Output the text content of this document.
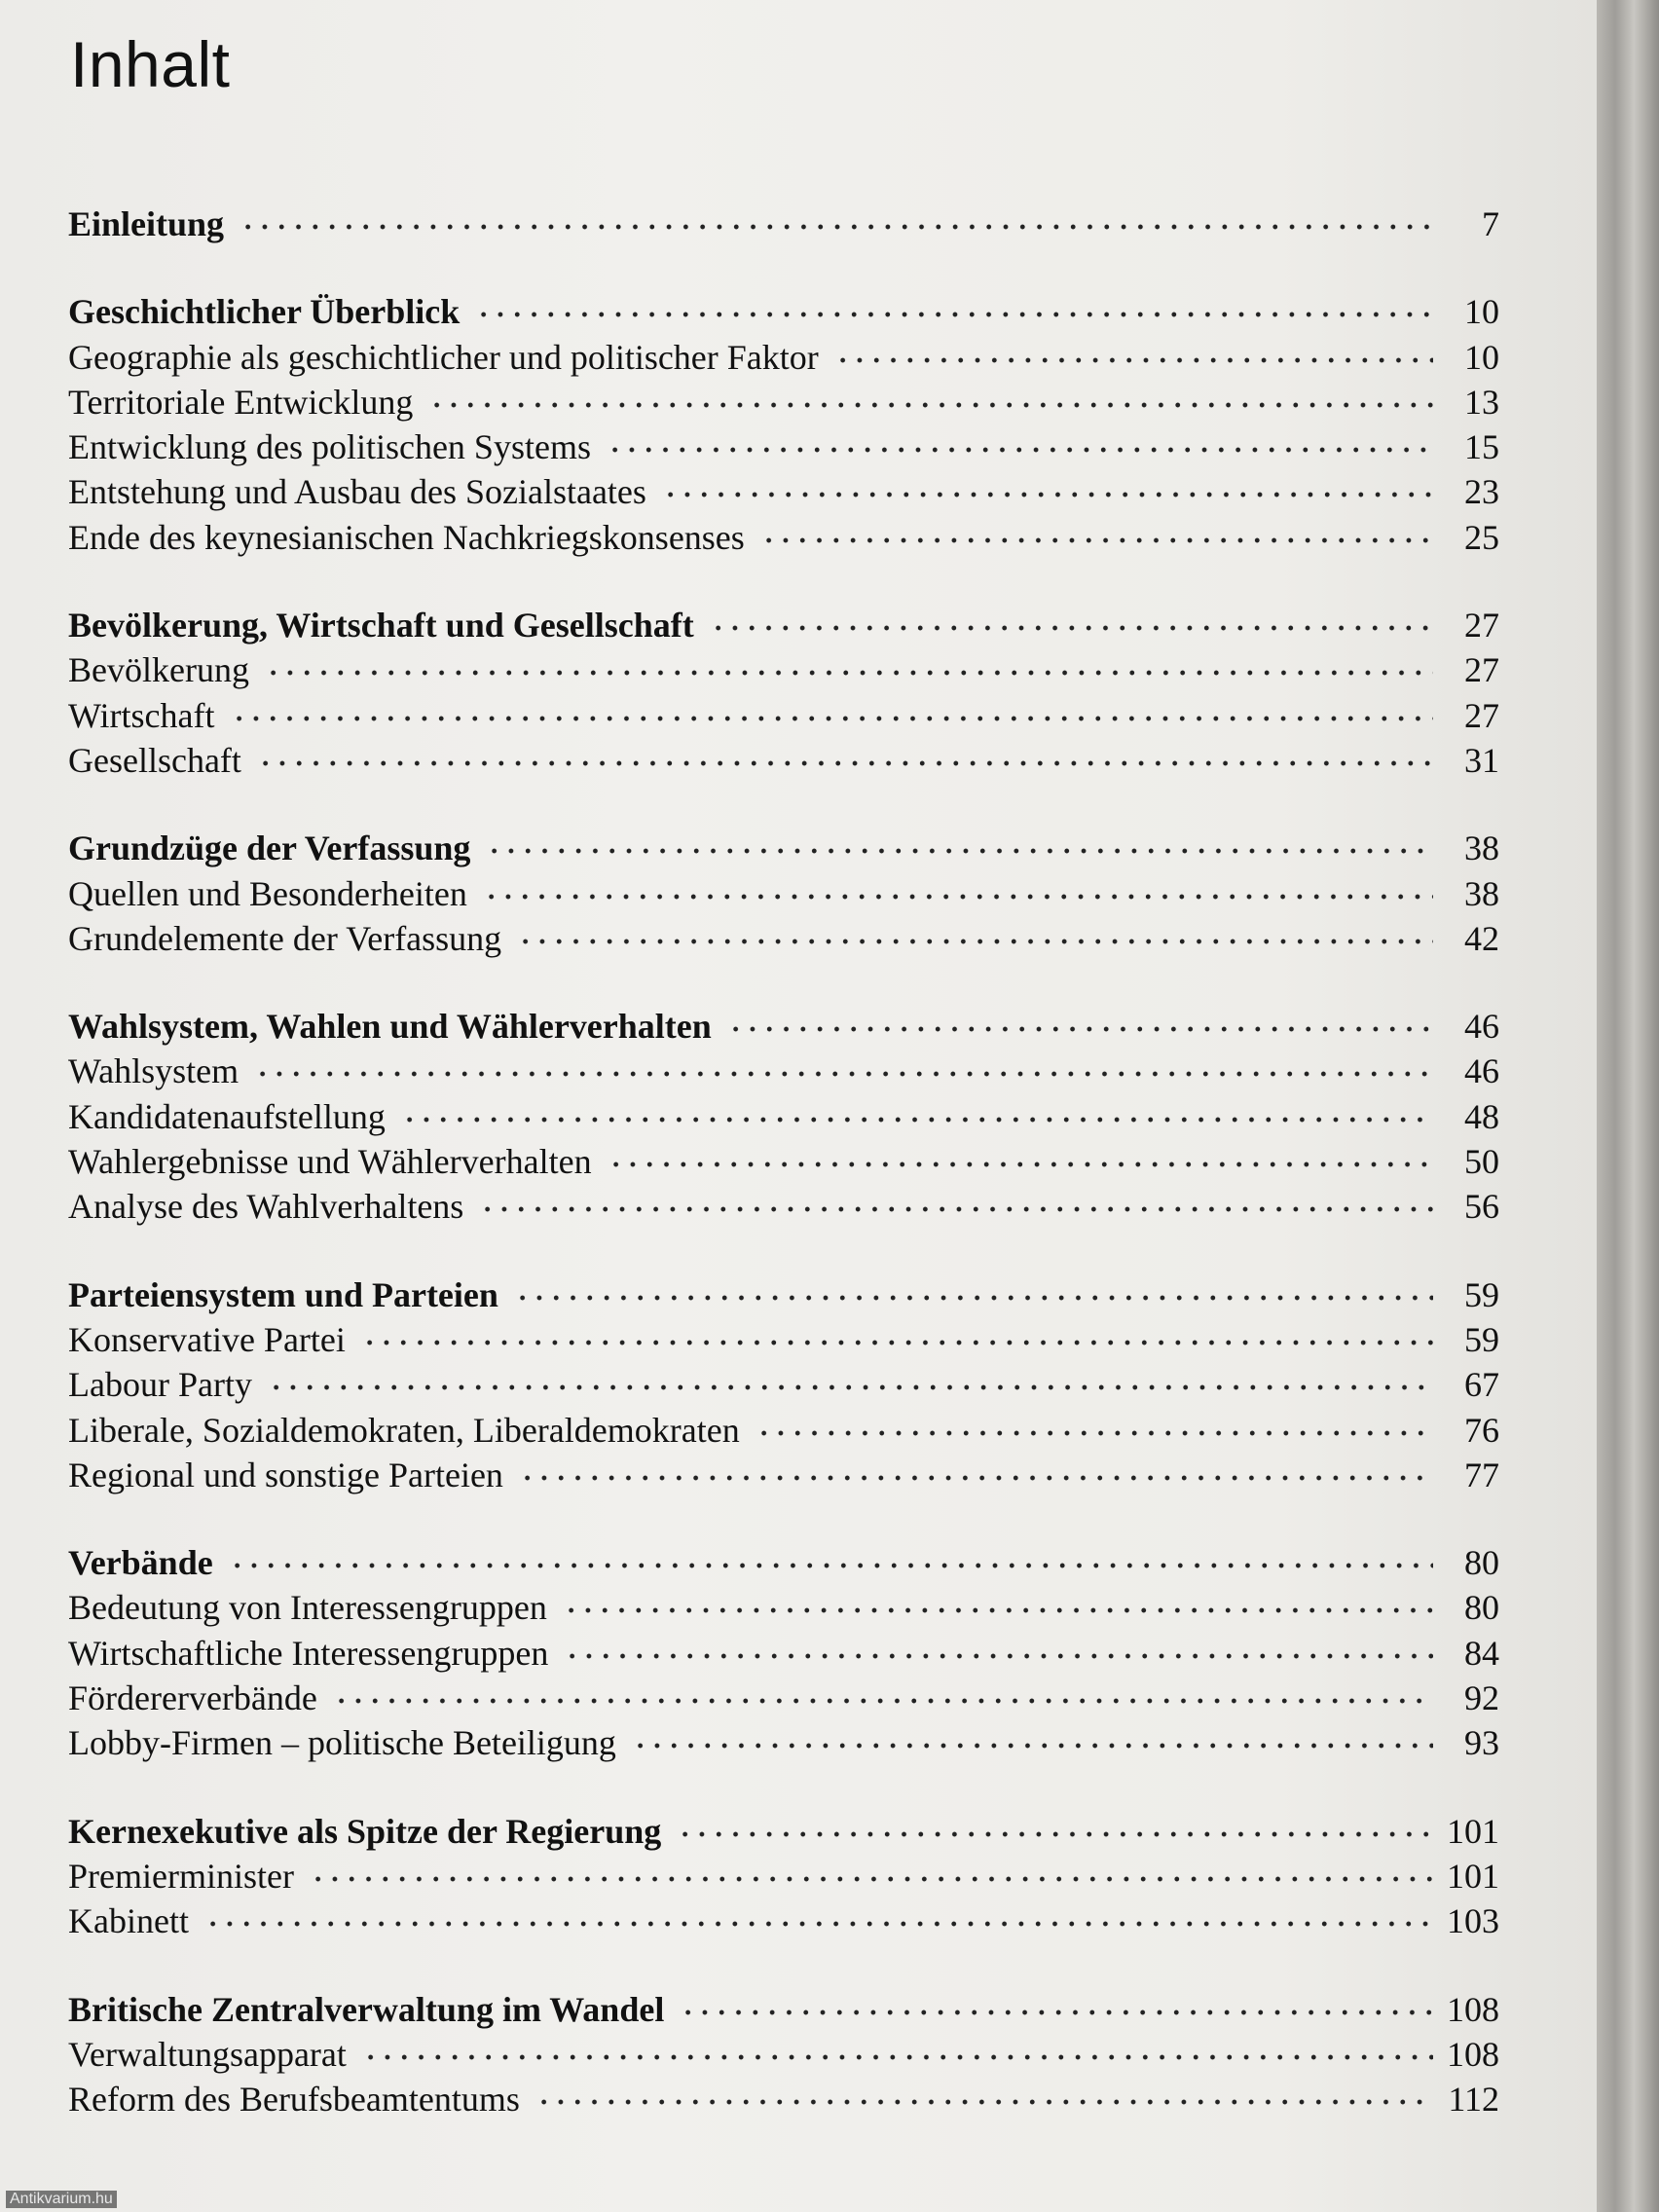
Inhalt
Einleitung	7
Geschichtlicher Überblick	10
Geographie als geschichtlicher und politischer Faktor	10
Territoriale Entwicklung	13
Entwicklung des politischen Systems	15
Entstehung und Ausbau des Sozialstaates	23
Ende des keynesianischen Nachkriegskonsenses	25
Bevölkerung, Wirtschaft und Gesellschaft	27
Bevölkerung	27
Wirtschaft	27
Gesellschaft	31
Grundzüge der Verfassung	38
Quellen und Besonderheiten	38
Grundelemente der Verfassung	42
Wahlsystem, Wahlen und Wählerverhalten	46
Wahlsystem	46
Kandidatenaufstellung	48
Wahlergebnisse und Wählerverhalten	50
Analyse des Wahlverhaltens	56
Parteiensystem und Parteien	59
Konservative Partei	59
Labour Party	67
Liberale, Sozialdemokraten, Liberaldemokraten	76
Regional und sonstige Parteien	77
Verbände	80
Bedeutung von Interessengruppen	80
Wirtschaftliche Interessengruppen	84
Fördererverbände	92
Lobby-Firmen – politische Beteiligung	93
Kernexekutive als Spitze der Regierung	101
Premierminister	101
Kabinett	103
Britische Zentralverwaltung im Wandel	108
Verwaltungsapparat	108
Reform des Berufsbeamtentums	112
Antikvarium.hu
